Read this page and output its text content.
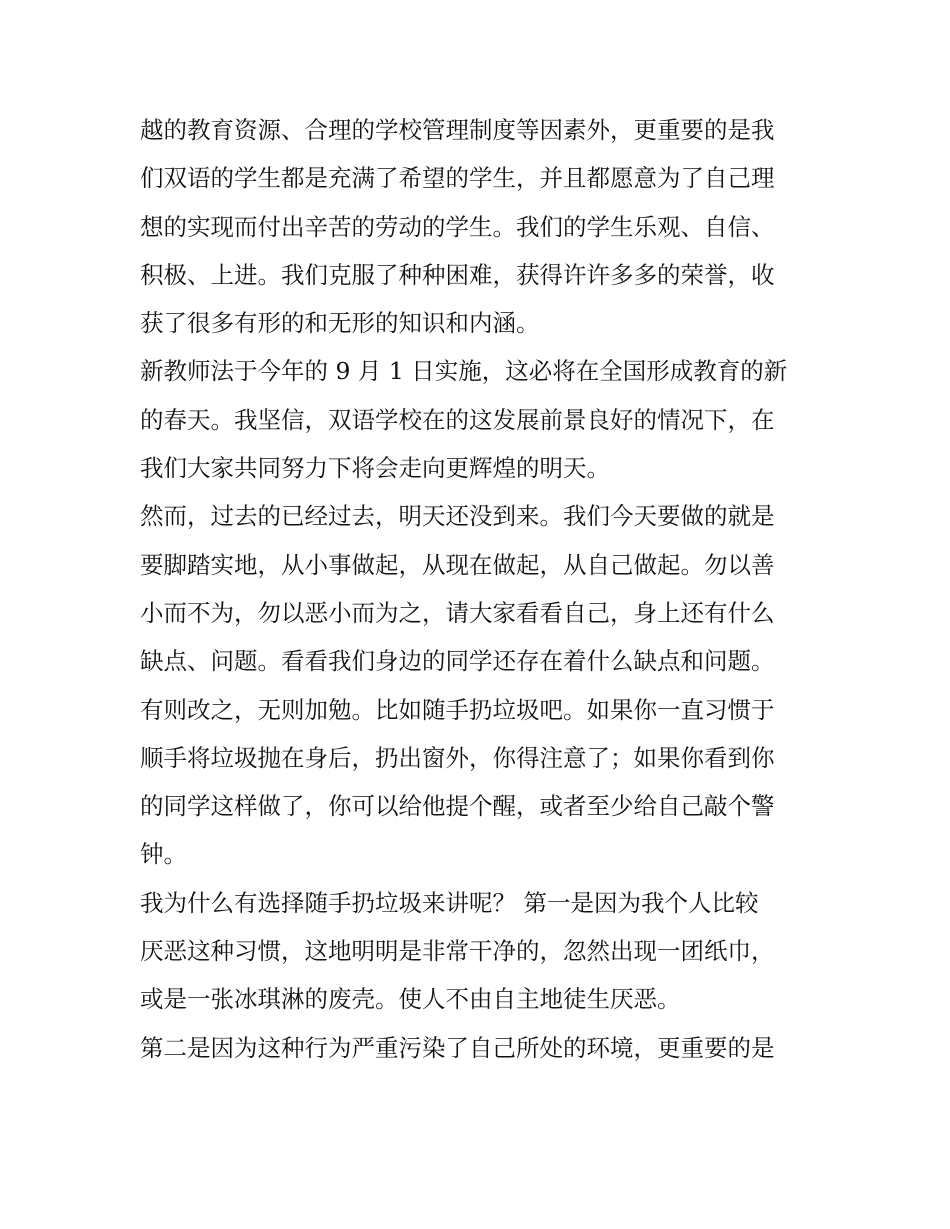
越的教育资源、合理的学校管理制度等因素外，更重要的是我
们双语的学生都是充满了希望的学生，并且都愿意为了自己理
想的实现而付出辛苦的劳动的学生。我们的学生乐观、自信、
积极、上进。我们克服了种种困难，获得许许多多的荣誉，收
获了很多有形的和无形的知识和内涵。
新教师法于今年的 9 月 1 日实施，这必将在全国形成教育的新
的春天。我坚信，双语学校在的这发展前景良好的情况下，在
我们大家共同努力下将会走向更辉煌的明天。
然而，过去的已经过去，明天还没到来。我们今天要做的就是
要脚踏实地，从小事做起，从现在做起，从自己做起。勿以善
小而不为，勿以恶小而为之，请大家看看自己，身上还有什么
缺点、问题。看看我们身边的同学还存在着什么缺点和问题。
有则改之，无则加勉。比如随手扔垃圾吧。如果你一直习惯于
顺手将垃圾抛在身后，扔出窗外，你得注意了；如果你看到你
的同学这样做了，你可以给他提个醒，或者至少给自己敲个警
钟。
我为什么有选择随手扔垃圾来讲呢？ 第一是因为我个人比较
厌恶这种习惯，这地明明是非常干净的，忽然出现一团纸巾，
或是一张冰琪淋的废壳。使人不由自主地徒生厌恶。
第二是因为这种行为严重污染了自己所处的环境，更重要的是
